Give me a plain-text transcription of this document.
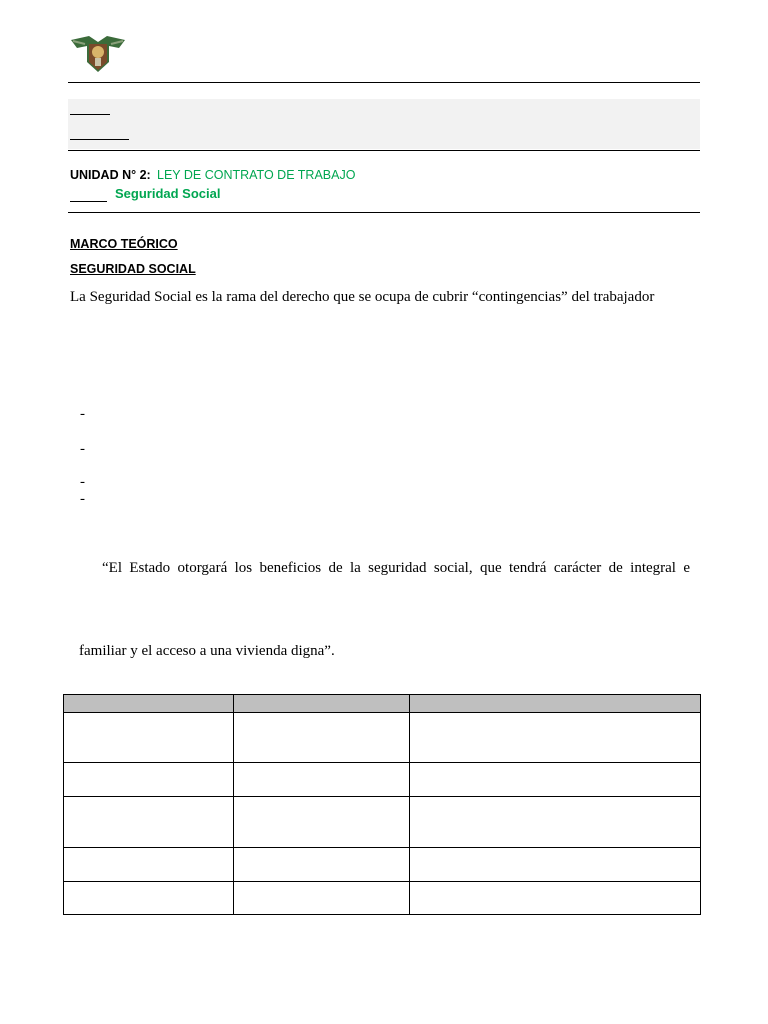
UNIDAD N° 2: LEY DE CONTRATO DE TRABAJO
Seguridad Social
MARCO TEÓRICO
SEGURIDAD SOCIAL
La Seguridad Social es la rama del derecho que se ocupa de cubrir “contingencias” del trabajador
-
-
-
-
“El Estado otorgará los beneficios de la seguridad social, que tendrá carácter de integral e
familiar y el acceso a una vivienda digna”.
